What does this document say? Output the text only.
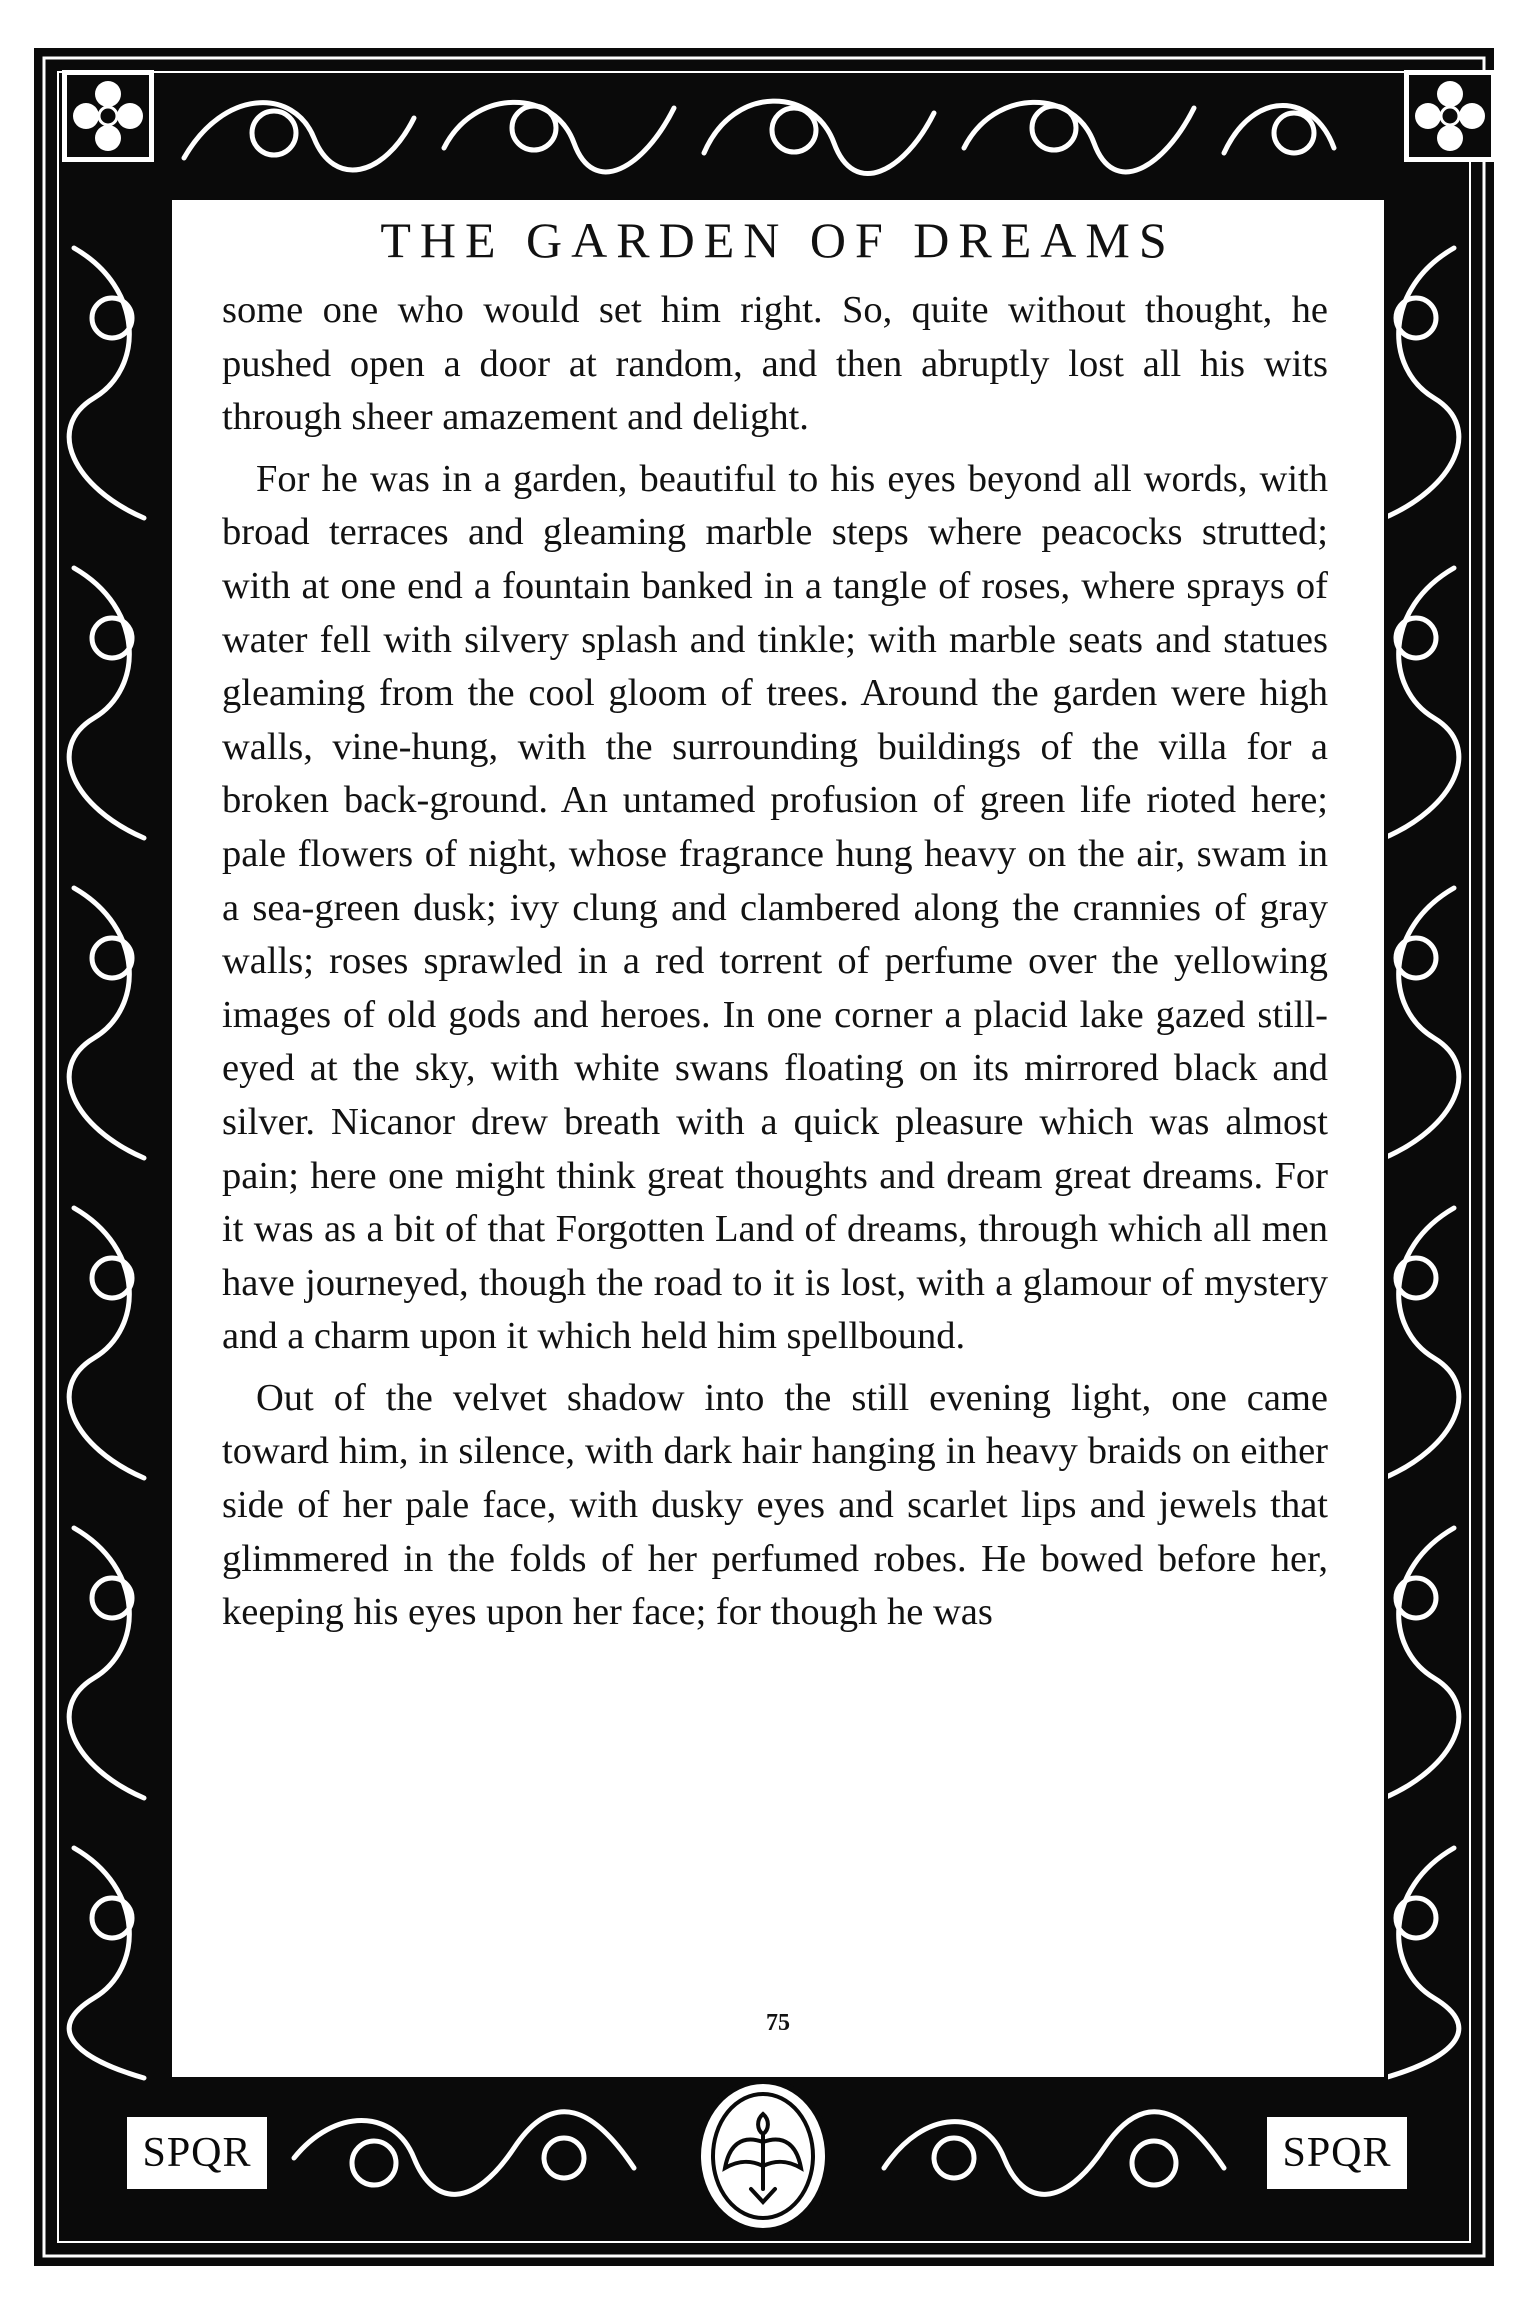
THE GARDEN OF DREAMS

some one who would set him right. So, quite without thought, he pushed open a door at random, and then abruptly lost all his wits through sheer amazement and delight.

For he was in a garden, beautiful to his eyes beyond all words, with broad terraces and gleaming marble steps where peacocks strutted; with at one end a fountain banked in a tangle of roses, where sprays of water fell with silvery splash and tinkle; with marble seats and statues gleaming from the cool gloom of trees. Around the garden were high walls, vine-hung, with the surrounding buildings of the villa for a broken back-ground. An untamed profusion of green life rioted here; pale flowers of night, whose fragrance hung heavy on the air, swam in a sea-green dusk; ivy clung and clambered along the crannies of gray walls; roses sprawled in a red torrent of perfume over the yellowing images of old gods and heroes. In one corner a placid lake gazed still-eyed at the sky, with white swans floating on its mirrored black and silver. Nicanor drew breath with a quick pleasure which was almost pain; here one might think great thoughts and dream great dreams. For it was as a bit of that Forgotten Land of dreams, through which all men have journeyed, though the road to it is lost, with a glamour of mystery and a charm upon it which held him spellbound.

Out of the velvet shadow into the still evening light, one came toward him, in silence, with dark hair hanging in heavy braids on either side of her pale face, with dusky eyes and scarlet lips and jewels that glimmered in the folds of her perfumed robes. He bowed before her, keeping his eyes upon her face; for though he was

75
SPQR	SPQR
